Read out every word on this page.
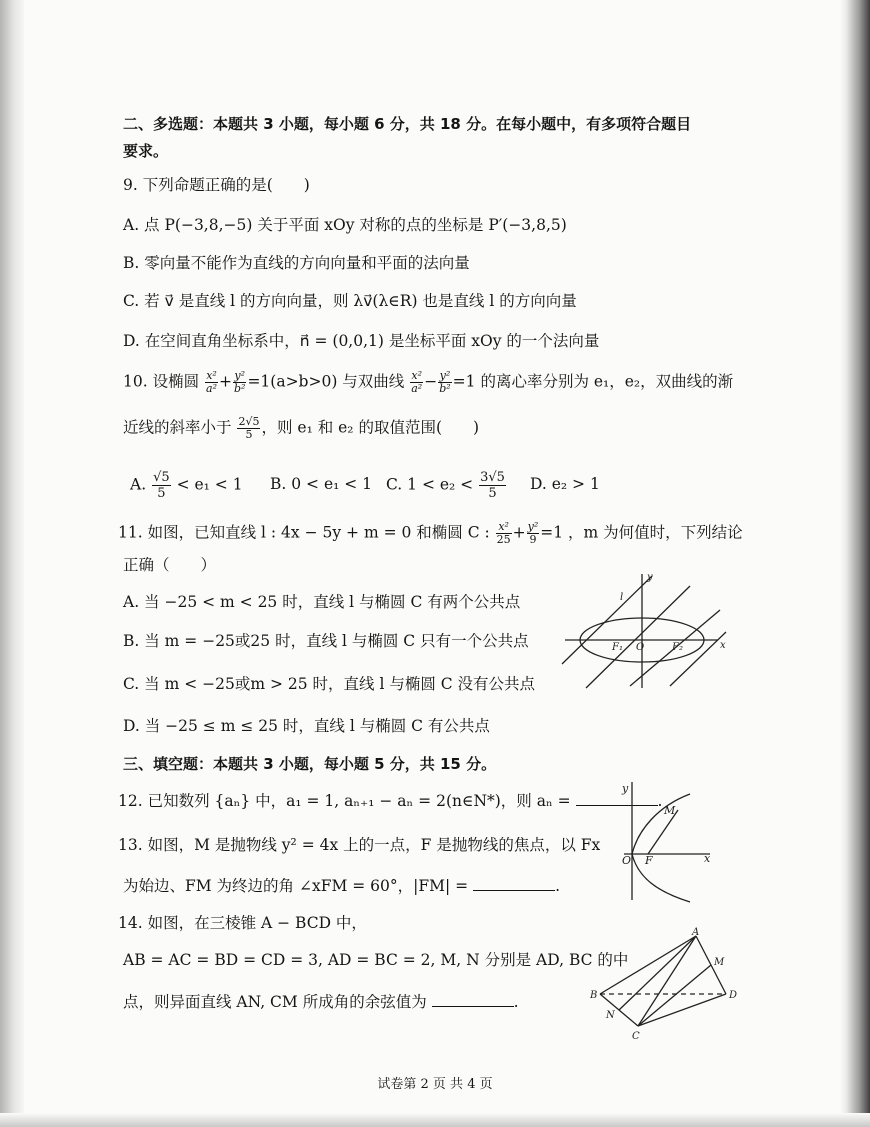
二、多选题：本题共 3 小题，每小题 6 分，共 18 分。在每小题中，有多项符合题目
要求。
9. 下列命题正确的是(　　)
A. 点 P(−3,8,−5) 关于平面 xOy 对称的点的坐标是 P′(−3,8,5)
B. 零向量不能作为直线的方向向量和平面的法向量
C. 若 v⃗ 是直线 l 的方向向量，则 λv⃗(λ∈R) 也是直线 l 的方向向量
D. 在空间直角坐标系中，n⃗ = (0,0,1) 是坐标平面 xOy 的一个法向量
10. 设椭圆 $\frac{\text{x²}}{\text{a²}} + \frac{\text{y²}}{\text{b²}} =1(a>b>0)$ 与双曲线 $\frac{\text{x²}}{\text{a²}} - \frac{\text{y²}}{\text{b²}} =1$ 的离心率分别为 e₁，e₂，双曲线的渐
近线的斜率小于 $\frac{2√5}{5}$ ，则 e₁ 和 e₂ 的取值范围(　　)
A. $\frac{√5}{5} < e_1 < 1$ B. 0 < e₁ < 1 C. $1 < e_2 < \frac{3√5}{5} D$. e₂ > 1
11. 如图，已知直线 l : 4x − 5y + m = 0 和椭圆 C : $\frac{\text{x²}}{25} + \frac{\text{y²}}{9} =1$ ，m 为何值时，下列结论
正确（　　）
A. 当 −25 < m < 25 时，直线 l 与椭圆 C 有两个公共点
B. 当 m = −25或25 时，直线 l 与椭圆 C 只有一个公共点
C. 当 m < −25或m > 25 时，直线 l 与椭圆 C 没有公共点
D. 当 −25 ≤ m ≤ 25 时，直线 l 与椭圆 C 有公共点
y
x
l
F₁ O	F₂
三、填空题：本题共 3 小题，每小题 5 分，共 15 分。
12. 已知数列 {aₙ} 中，a₁ = 1, aₙ₊₁ − aₙ = 2(n∈N*)，则 aₙ =	.
13. 如图，M 是抛物线 y² = 4x 上的一点，F 是抛物线的焦点，以 Fx
为始边、FM 为终边的角 ∠xFM = 60°，|FM| =	.
y
x
M
O F
14. 如图，在三棱锥 A − BCD 中，
AB = AC = BD = CD = 3, AD = BC = 2, M, N 分别是 AD, BC 的中
点，则异面直线 AN, CM 所成角的余弦值为	.
A
B
C
D
M
N
试卷第 2 页 共 4 页
